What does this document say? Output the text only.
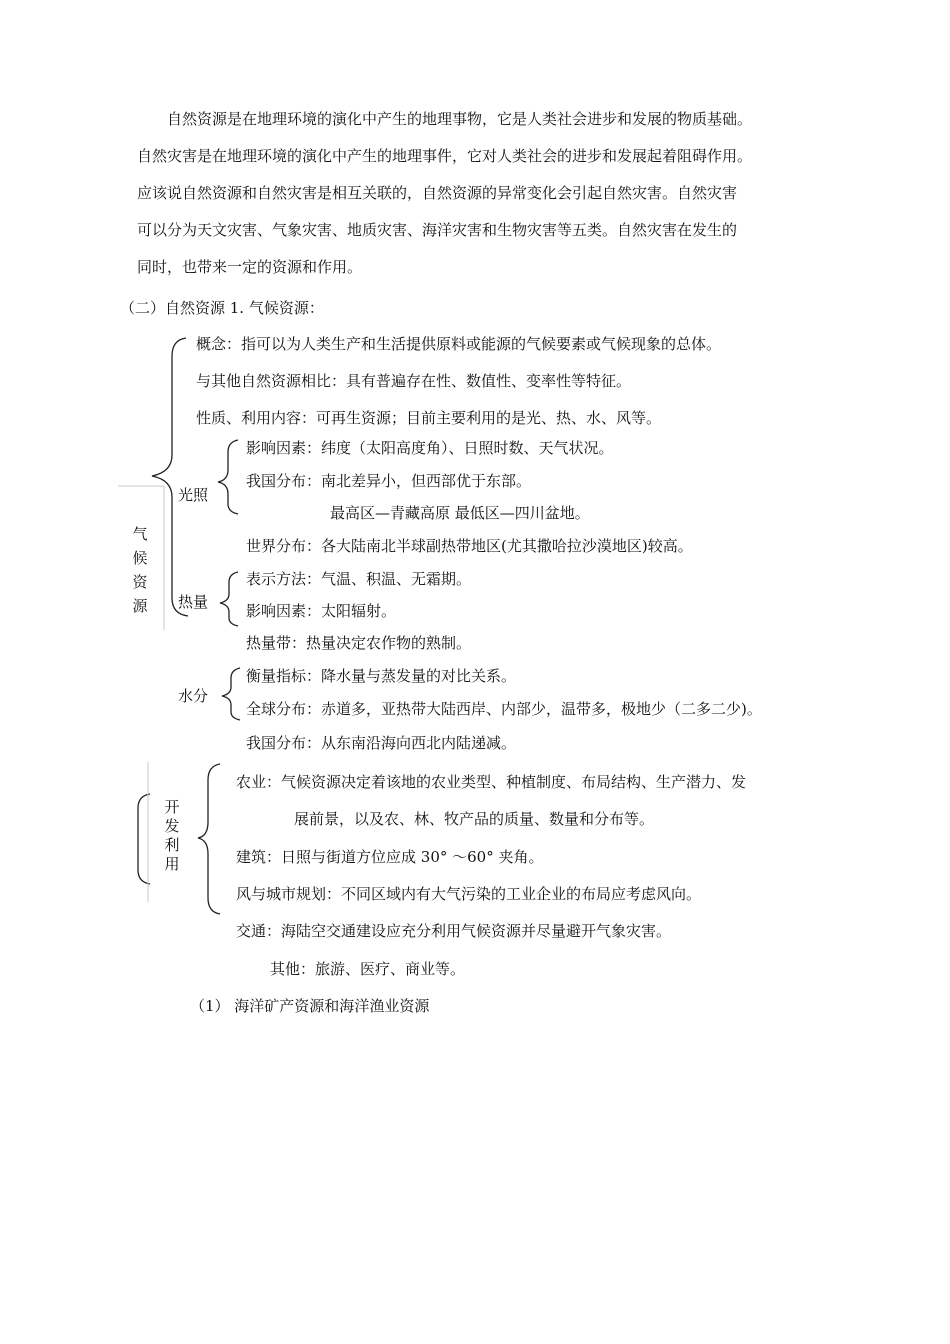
　　自然资源是在地理环境的演化中产生的地理事物，它是人类社会进步和发展的物质基础。

自然灾害是在地理环境的演化中产生的地理事件，它对人类社会的进步和发展起着阻碍作用。

应该说自然资源和自然灾害是相互关联的，自然资源的异常变化会引起自然灾害。自然灾害

可以分为天文灾害、气象灾害、地质灾害、海洋灾害和生物灾害等五类。自然灾害在发生的

同时，也带来一定的资源和作用。

（二）自然资源 1. 气候资源：
气
候
资
源
概念：指可以为人类生产和生活提供原料或能源的气候要素或气候现象的总体。
与其他自然资源相比：具有普遍存在性、数值性、变率性等特征。
性质、利用内容：可再生资源；目前主要利用的是光、热、水、风等。
光照
影响因素：纬度（太阳高度角）、日照时数、天气状况。
我国分布：南北差异小，但西部优于东部。
最高区—青藏高原 最低区—四川盆地。
世界分布：各大陆南北半球副热带地区(尤其撒哈拉沙漠地区)较高。
热量
表示方法：气温、积温、无霜期。
影响因素：太阳辐射。
热量带：热量决定农作物的熟制。
水分
衡量指标：降水量与蒸发量的对比关系。
全球分布：赤道多，亚热带大陆西岸、内部少，温带多，极地少（二多二少)。
我国分布：从东南沿海向西北内陆递减。
开
发
利
用
农业：气候资源决定着该地的农业类型、种植制度、布局结构、生产潜力、发
展前景，以及农、林、牧产品的质量、数量和分布等。
建筑：日照与街道方位应成 30° ～60° 夹角。
风与城市规划：不同区域内有大气污染的工业企业的布局应考虑风向。
交通：海陆空交通建设应充分利用气候资源并尽量避开气象灾害。
其他：旅游、医疗、商业等。
（1） 海洋矿产资源和海洋渔业资源
